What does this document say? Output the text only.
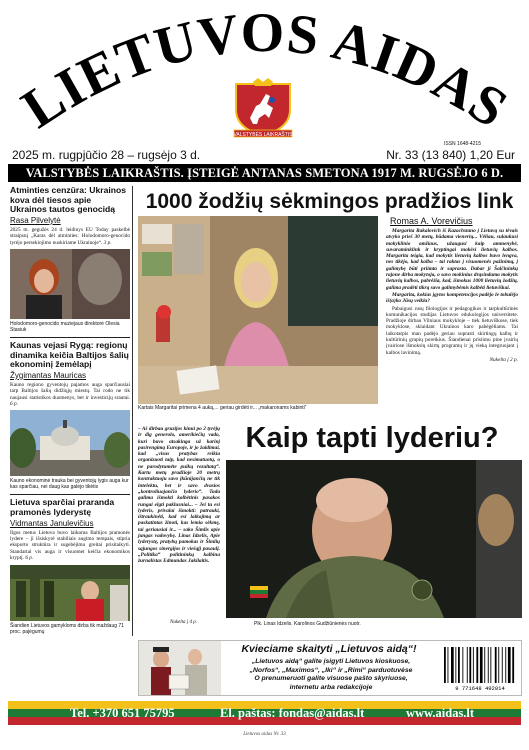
LIETUVOS AIDAS
VALSTYBĖS LAIKRAŠTIS
ISSN 1648-4215
2025 m. rugpjūčio 28 – rugsėjo 3 d.	Nr. 33 (13 840) 1,20 Eur
VALSTYBĖS LAIKRAŠTIS. ĮSTEIGĖ ANTANAS SMETONA 1917 M. RUGSĖJO 6 D.
Atminties cenzūra: Ukrainos kova dėl tiesos apie Ukrainos tautos genocidą
Rasa Pilvelytė
2025 m. gegužės 24 d. leidinys EU Today paskelbė straipsnį „Karas dėl atminties: Holodomoro-genocido tyrėjo persekiojimo nuskiriame Ukrainoje“. 3 p.
Holodomoro-genocido muziejaus direktorė Olesia Stasiuk
Kaunas vejasi Rygą: regionų dinamika keičia Baltijos šalių ekonominį žemėlapį
Žygimantas Mauricas
Kauno regiono gyventojų pajamos auga sparčiausiai tarp Baltijos šalių didžiųjų miestų. Tai rodo ne tik naujausi statistikos duomenys, bet ir investicijų srautai. 6 p.
Kauno ekonominė trauka bei gyventojų lygis auga kur kas sparčiau, nei daug kas galėjo tikėtis
Lietuva sparčiai praranda pramonės lyderystę
Vidmantas Janulevičius
Ilgus metus Lietuva buvo laikoma Baltijos pramonės lydere – ji išsiskyrė stabiliais augimo tempais, stipria eksporto struktūra ir sugebėjimu greitai prisitaikyti. Standartai vis auga ir visuomet keičia ekonomikos kryptį. 6 p.
Šiandien Lietuvos gamykloms dirba tik maždaug 71 proc. pajėgumų
1000 žodžių sėkmingos pradžios link
Kartais Margaritai primena 4 auką,... geriau girdėti ir... „makaronams kabinti“
Romas A. Vorevičius

Margarita Rakalovich iš Kazachstano į Lietuvą su tėvais atvyko prieš 30 metų, būdama vienerių... Vėliau, sulaukusi mokyklinio amžiaus, užaugusi kaip ammenybė, suvaraminklink ir kryptingai mokėsi lietuvių kalbos. Margarita teigia, kad mokytis lietuvių kalbos buvo lengva, nes tikėjo, kad kalba – tai raktas į visuomenės pažinimą, į galimybę būti priimta ir suprasta. Dabar ji Šalčininkų rajone dirba mokytoja, o savo mokinius drąsindama mokytis lietuvių kalbos, pabrėžia, kad, išmokus 1000 lietuvių žodžių, galima pradėti tikrą savo galimybėmis kalbėti lietuviškai.

Margarita, kokias įgytos kompetencijos padėjo le tobulėjo iš(a)ko Jūsų veikla?

Pabaigusi rusų filologijos ir pedagogikos ir tarpkultūrinės komunikacijos studijas Lietuvos edukologijos universitete. Pradžioje dirbau Vilniaus mokykloje – tiek lietuviškose, tiek mokyklose, sklaidant Ukrainos karo pabėgėliams. Tai laikotarpis man padėjo geriau suprasti skirtingų kalbų ir kultūrinių grupių poreikius. Šiandienai prisiimu pine įvairių įvairiose išmokslų skirtų programų ir jų vieką integruojant į kalbos lavinimą.

Nukelta į 2 p.
– Aš dirbau gruzijos kinui po 2 tyrėjų ir dig generolo, amerikiečių vado, kuri buvo atsakinga už karinį pasirengimą Europoje, ir jo žaidimai, kad „visus pratybas reikia organizuoti taip, kad nesimatuotų, o ne parodytumėte puikų rezultatą“. Kartu metų pradžioje 20 metrų kontraktuoju savo įkūnijančių ne tik intelektu, bet ir savo dvasios „kontroliuojančio lyderio“. Tada galima išmokti kalbėtinis pasakos rungai elgti paklusniai... – Jei tu esi lyderis, privalai išmokti: patrauki, ištraukinėti, kad esi laikojimą ar paskatintas žinoti, kas lemia sėkmę, tai geriausiai ir... – sako Šimlis apie jungas vadovybę. Linas Idzelis, Apie lyderystę, pratybų pamokas ir Šimlių sąjungos sinergijos ir viešąjį pasaulį. „Politika“ politininkų kalbina žurnalistas Edmundas Jakilaitis.
Nukelta į 4 p.
Kaip tapti lyderiu?
Plk. Linas Idzelis. Karolinos Gudžiūnienės nuotr.
Kvieciame skaityti „Lietuvos aidą“!
„Lietuvos aidą“ galite įsigyti Lietuvos kioskuose,
„Norfos“, „Maximos“, „Iki“ ir „Rimi“ parduotuvėse
O prenumeruoti galite visuose pašto skyriuose,
internetu arba redakcijoje	9 771648 492014
Tel. +370 651 75795	El. paštas: fondas@aidas.lt	www.aidas.lt
Lietuvos aidas Nr. 33
